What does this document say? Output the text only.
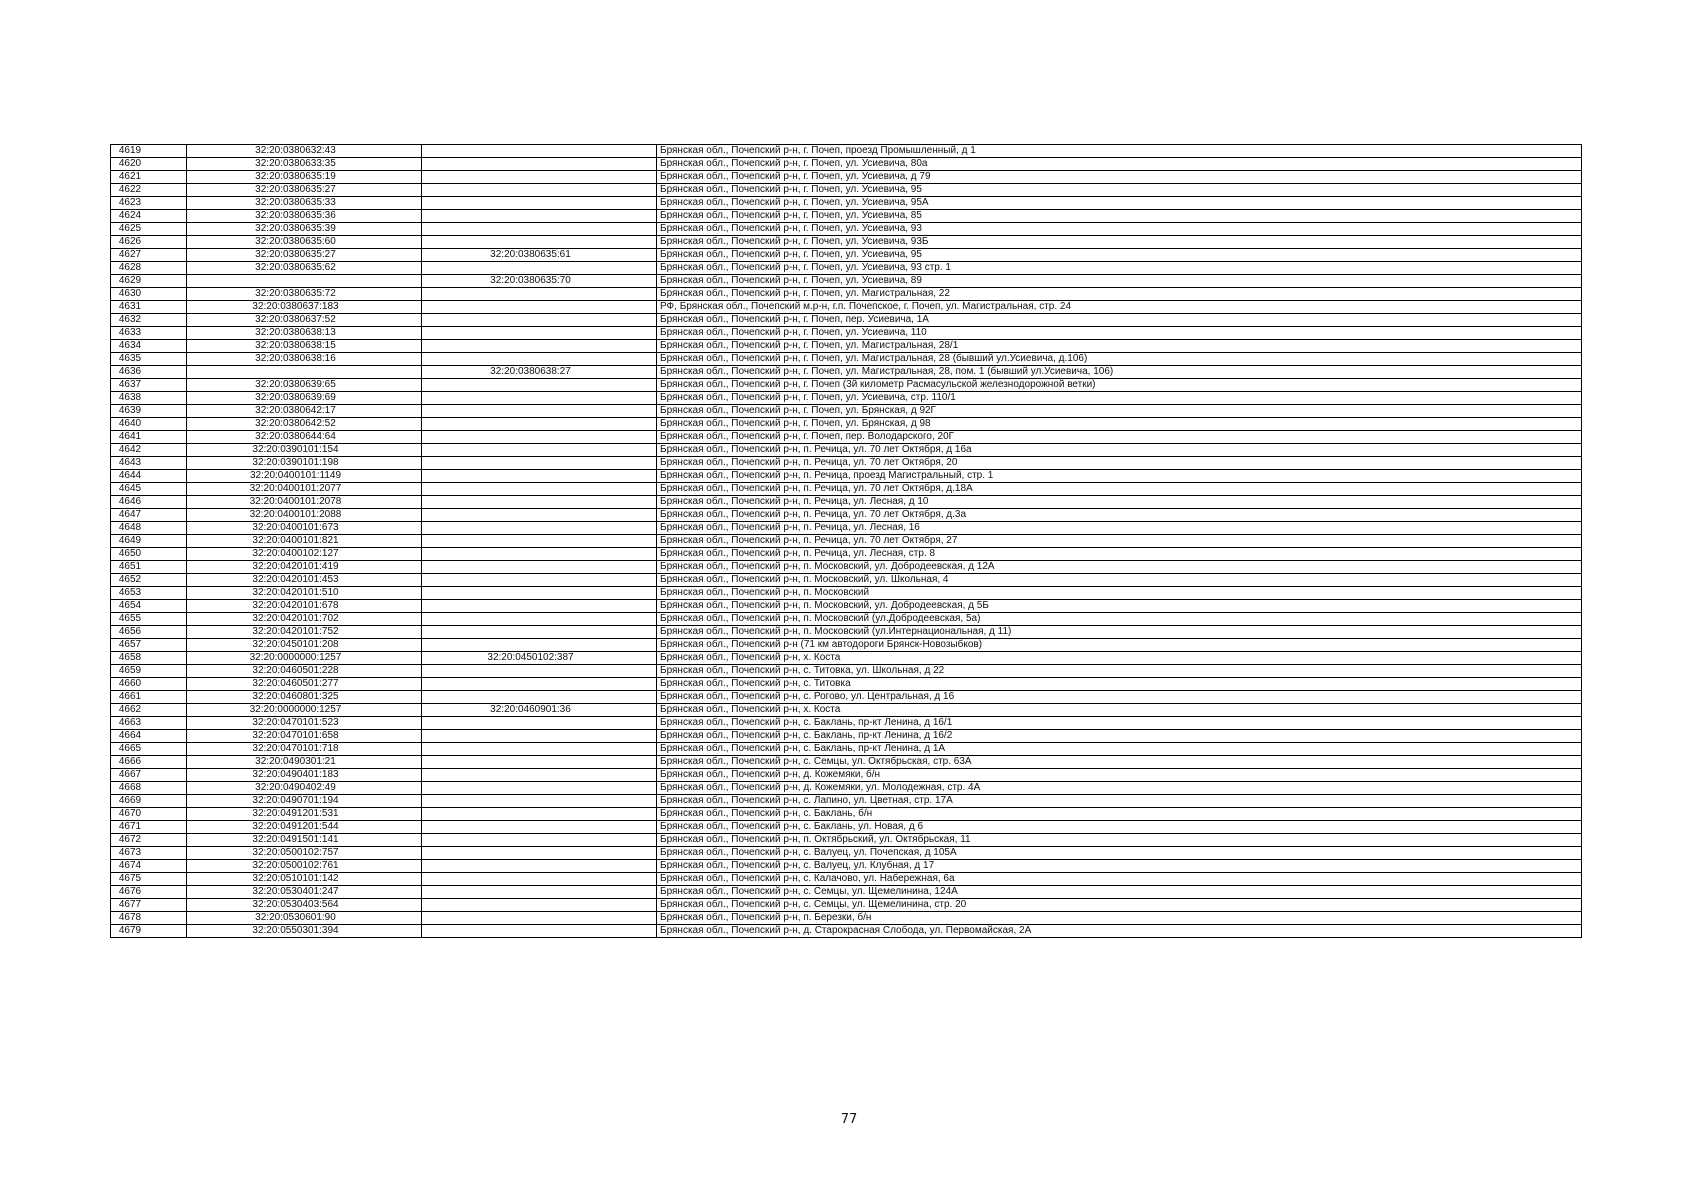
4619	32:20:0380632:43		Брянская обл., Почепский р-н, г. Почеп, проезд Промышленный, д 1
4620	32:20:0380633:35		Брянская обл., Почепский р-н, г. Почеп, ул. Усиевича, 80а
4621	32:20:0380635:19		Брянская обл., Почепский р-н, г. Почеп, ул. Усиевича, д 79
4622	32:20:0380635:27		Брянская обл., Почепский р-н, г. Почеп, ул. Усиевича, 95
4623	32:20:0380635:33		Брянская обл., Почепский р-н, г. Почеп, ул. Усиевича, 95А
4624	32:20:0380635:36		Брянская обл., Почепский р-н, г. Почеп, ул. Усиевича, 85
4625	32:20:0380635:39		Брянская обл., Почепский р-н, г. Почеп, ул. Усиевича, 93
4626	32:20:0380635:60		Брянская обл., Почепский р-н, г. Почеп, ул. Усиевича, 93Б
4627	32:20:0380635:27	32:20:0380635:61	Брянская обл., Почепский р-н, г. Почеп, ул. Усиевича, 95
4628	32:20:0380635:62		Брянская обл., Почепский р-н, г. Почеп, ул. Усиевича, 93 стр. 1
4629		32:20:0380635:70	Брянская обл., Почепский р-н, г. Почеп, ул. Усиевича, 89
4630	32:20:0380635:72		Брянская обл., Почепский р-н, г. Почеп, ул. Магистральная, 22
4631	32:20:0380637:183		РФ, Брянская обл., Почепский м.р-н, г.п. Почепское, г. Почеп, ул. Магистральная, стр. 24
4632	32:20:0380637:52		Брянская обл., Почепский р-н, г. Почеп, пер. Усиевича, 1А
4633	32:20:0380638:13		Брянская обл., Почепский р-н, г. Почеп, ул. Усиевича, 110
4634	32:20:0380638:15		Брянская обл., Почепский р-н, г. Почеп, ул. Магистральная, 28/1
4635	32:20:0380638:16		Брянская обл., Почепский р-н, г. Почеп, ул. Магистральная, 28 (бывший ул.Усиевича, д.106)
4636		32:20:0380638:27	Брянская обл., Почепский р-н, г. Почеп, ул. Магистральная, 28, пом. 1 (бывший ул.Усиевича, 106)
4637	32:20:0380639:65		Брянская обл., Почепский р-н, г. Почеп (3й километр Расмасульской железнодорожной ветки)
4638	32:20:0380639:69		Брянская обл., Почепский р-н, г. Почеп, ул. Усиевича, стр. 110/1
4639	32:20:0380642:17		Брянская обл., Почепский р-н, г. Почеп, ул. Брянская, д 92Г
4640	32:20:0380642:52		Брянская обл., Почепский р-н, г. Почеп, ул. Брянская, д 98
4641	32:20:0380644:64		Брянская обл., Почепский р-н, г. Почеп, пер. Володарского, 20Г
4642	32:20:0390101:154		Брянская обл., Почепский р-н, п. Речица, ул. 70 лет Октября, д 16а
4643	32:20:0390101:198		Брянская обл., Почепский р-н, п. Речица, ул. 70 лет Октября, 20
4644	32:20:0400101:1149		Брянская обл., Почепский р-н, п. Речица, проезд Магистральный, стр. 1
4645	32:20:0400101:2077		Брянская обл., Почепский р-н, п. Речица, ул. 70 лет Октября, д.18А
4646	32:20:0400101:2078		Брянская обл., Почепский р-н, п. Речица, ул. Лесная, д 10
4647	32:20:0400101:2088		Брянская обл., Почепский р-н, п. Речица, ул. 70 лет Октября, д.3а
4648	32:20:0400101:673		Брянская обл., Почепский р-н, п. Речица, ул. Лесная, 16
4649	32:20:0400101:821		Брянская обл., Почепский р-н, п. Речица, ул. 70 лет Октября, 27
4650	32:20:0400102:127		Брянская обл., Почепский р-н, п. Речица, ул. Лесная, стр. 8
4651	32:20:0420101:419		Брянская обл., Почепский р-н, п. Московский, ул. Добродеевская, д 12А
4652	32:20:0420101:453		Брянская обл., Почепский р-н, п. Московский, ул. Школьная, 4
4653	32:20:0420101:510		Брянская обл., Почепский р-н, п. Московский
4654	32:20:0420101:678		Брянская обл., Почепский р-н, п. Московский, ул. Добродеевская, д 5Б
4655	32:20:0420101:702		Брянская обл., Почепский р-н, п. Московский (ул.Добродеевская, 5а)
4656	32:20:0420101:752		Брянская обл., Почепский р-н, п. Московский (ул.Интернациональная, д 11)
4657	32:20:0450101:208		Брянская обл., Почепский р-н (71 км автодороги Брянск-Новозыбков)
4658	32:20:0000000:1257	32:20:0450102:387	Брянская обл., Почепский р-н, х. Коста
4659	32:20:0460501:228		Брянская обл., Почепский р-н, с. Титовка, ул. Школьная, д 22
4660	32:20:0460501:277		Брянская обл., Почепский р-н, с. Титовка
4661	32:20:0460801:325		Брянская обл., Почепский р-н, с. Рогово, ул. Центральная, д 16
4662	32:20:0000000:1257	32:20:0460901:36	Брянская обл., Почепский р-н, х. Коста
4663	32:20:0470101:523		Брянская обл., Почепский р-н, с. Баклань, пр-кт Ленина, д 16/1
4664	32:20:0470101:658		Брянская обл., Почепский р-н, с. Баклань, пр-кт Ленина, д 16/2
4665	32:20:0470101:718		Брянская обл., Почепский р-н, с. Баклань, пр-кт Ленина, д 1А
4666	32:20:0490301:21		Брянская обл., Почепский р-н, с. Семцы, ул. Октябрьская, стр. 63А
4667	32:20:0490401:183		Брянская обл., Почепский р-н, д. Кожемяки, б/н
4668	32:20:0490402:49		Брянская обл., Почепский р-н, д. Кожемяки, ул. Молодежная, стр. 4А
4669	32:20:0490701:194		Брянская обл., Почепский р-н, с. Лапино, ул. Цветная, стр. 17А
4670	32:20:0491201:531		Брянская обл., Почепский р-н, с. Баклань, б/н
4671	32:20:0491201:544		Брянская обл., Почепский р-н, с. Баклань, ул. Новая, д 6
4672	32:20:0491501:141		Брянская обл., Почепский р-н, п. Октябрьский, ул. Октябрьская, 11
4673	32:20:0500102:757		Брянская обл., Почепский р-н, с. Валуец, ул. Почепская, д 105А
4674	32:20:0500102:761		Брянская обл., Почепский р-н, с. Валуец, ул. Клубная, д 17
4675	32:20:0510101:142		Брянская обл., Почепский р-н, с. Калачово, ул. Набережная, 6а
4676	32:20:0530401:247		Брянская обл., Почепский р-н, с. Семцы, ул. Щемелинина, 124А
4677	32:20:0530403:564		Брянская обл., Почепский р-н, с. Семцы, ул. Щемелинина, стр. 20
4678	32:20:0530601:90		Брянская обл., Почепский р-н, п. Березки, б/н
4679	32:20:0550301:394		Брянская обл., Почепский р-н, д. Старокрасная Слобода, ул. Первомайская, 2А
77
